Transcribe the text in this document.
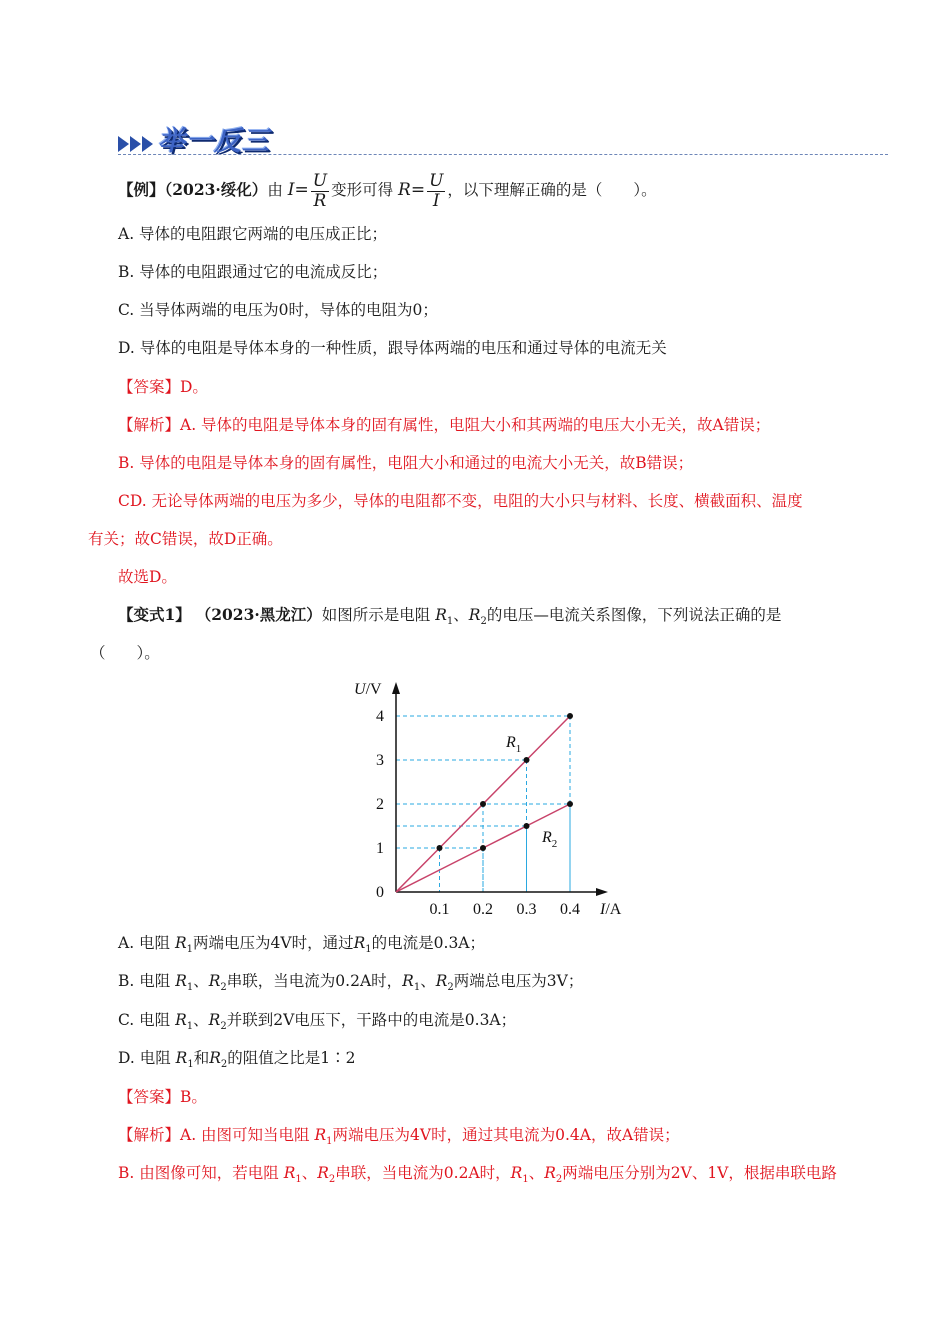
举一反三
【例】（2023·绥化）由 $I= \frac{U}{R}$ 变形可得 $R= \frac{U}{I}$ ，以下理解正确的是（　　）。
A. 导体的电阻跟它两端的电压成正比；
B. 导体的电阻跟通过它的电流成反比；
C. 当导体两端的电压为0时，导体的电阻为0；
D. 导体的电阻是导体本身的一种性质，跟导体两端的电压和通过导体的电流无关
【答案】D。
【解析】A. 导体的电阻是导体本身的固有属性，电阻大小和其两端的电压大小无关，故A错误；
B. 导体的电阻是导体本身的固有属性，电阻大小和通过的电流大小无关，故B错误；
CD. 无论导体两端的电压为多少，导体的电阻都不变，电阻的大小只与材料、长度、横截面积、温度
有关；故C错误，故D正确。
故选D。
【变式1】 （2023·黑龙江）如图所示是电阻 $R_1$、$R_2$的电压—电流关系图像，下列说法正确的是
（　　）。
1
2
3
4
0.1 0.2 0.3 0.4
0
U/V
I/A
$R_1$
$R_2$
A. 电阻 $R_1$两端电压为4V时，通过$R_1$的电流是0.3A；
B. 电阻 $R_1$、$R_2$串联，当电流为0.2A时，$R_1$、$R_2$两端总电压为3V；
C. 电阻 $R_1$、$R_2$并联到2V电压下，干路中的电流是0.3A；
D. 电阻 $R_1$和$R_2$的阻值之比是1∶2
【答案】B。
【解析】A. 由图可知当电阻 $R_1$两端电压为4V时，通过其电流为0.4A，故A错误；
B. 由图像可知，若电阻 $R_1$、$R_2$串联，当电流为0.2A时，$R_1$、$R_2$两端电压分别为2V、1V，根据串联电路
